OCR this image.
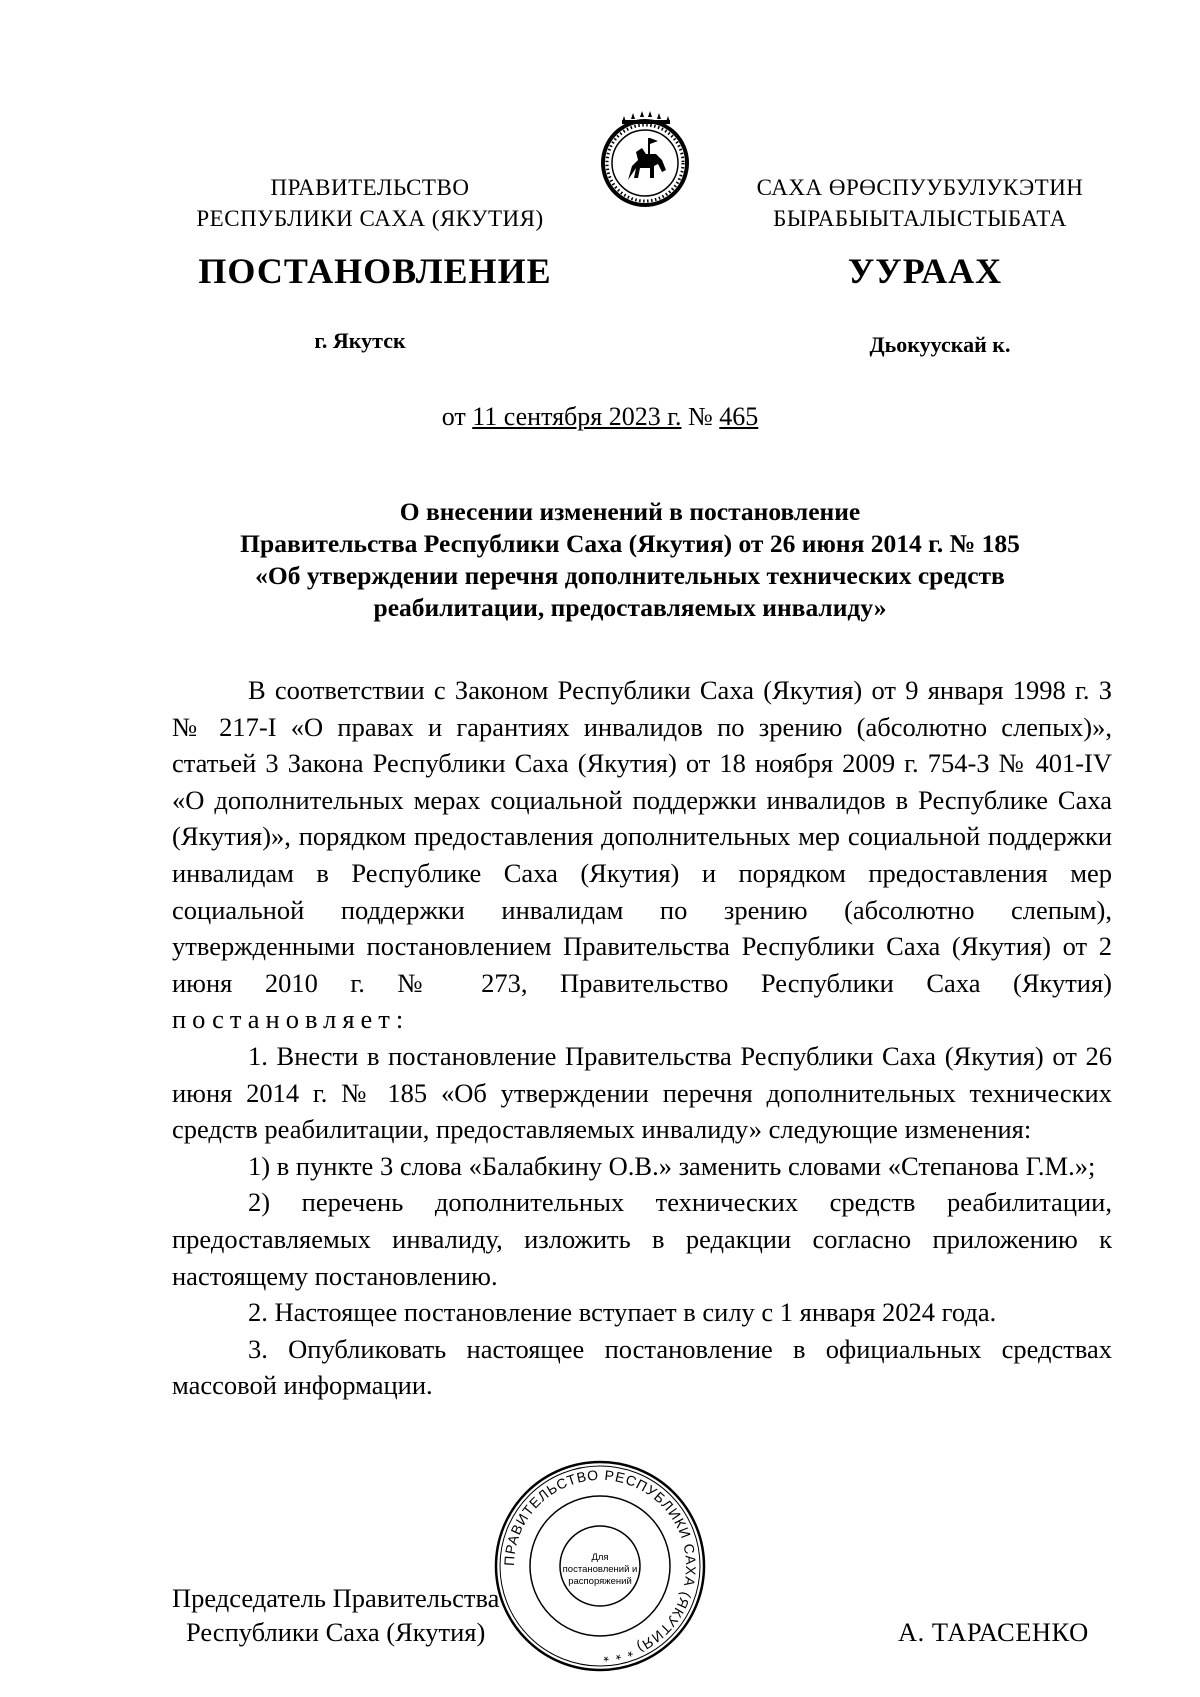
ПРАВИТЕЛЬСТВО
РЕСПУБЛИКИ САХА (ЯКУТИЯ)
САХА ӨРӨСПУУБУЛУКЭТИН
БЫРАБЫЫТАЛЫСТЫБАТА
ПОСТАНОВЛЕНИЕ	УУРААХ
г. Якутск	Дьокуускай к.
от 11 сентября 2023 г. № 465
О внесении изменений в постановление
Правительства Республики Саха (Якутия) от 26 июня 2014 г. № 185
«Об утверждении перечня дополнительных технических средств
реабилитации, предоставляемых инвалиду»

В соответствии с Законом Республики Саха (Якутия) от 9 января 1998 г. З № 217-I «О правах и гарантиях инвалидов по зрению (абсолютно слепых)», статьей 3 Закона Республики Саха (Якутия) от 18 ноября 2009 г. 754-З № 401-IV «О дополнительных мерах социальной поддержки инвалидов в Республике Саха (Якутия)», порядком предоставления дополнительных мер социальной поддержки инвалидам в Республике Саха (Якутия) и порядком предоставления мер социальной поддержки инвалидам по зрению (абсолютно слепым), утвержденными постановлением Правительства Республики Саха (Якутия) от 2 июня 2010 г. № 273, Правительство Республики Саха (Якутия) постановляет:

1. Внести в постановление Правительства Республики Саха (Якутия) от 26 июня 2014 г. № 185 «Об утверждении перечня дополнительных технических средств реабилитации, предоставляемых инвалиду» следующие изменения:

1) в пункте 3 слова «Балабкину О.В.» заменить словами «Степанова Г.М.»;

2) перечень дополнительных технических средств реабилитации, предоставляемых инвалиду, изложить в редакции согласно приложению к настоящему постановлению.

2. Настоящее постановление вступает в силу с 1 января 2024 года.

3. Опубликовать настоящее постановление в официальных средствах массовой информации.

Председатель Правительства
Республики Саха (Якутия)	А. ТАРАСЕНКО
ПРАВИТЕЛЬСТВО РЕСПУБЛИКИ САХА (ЯКУТИЯ) * * *
Для
постановлений и
распоряжений
